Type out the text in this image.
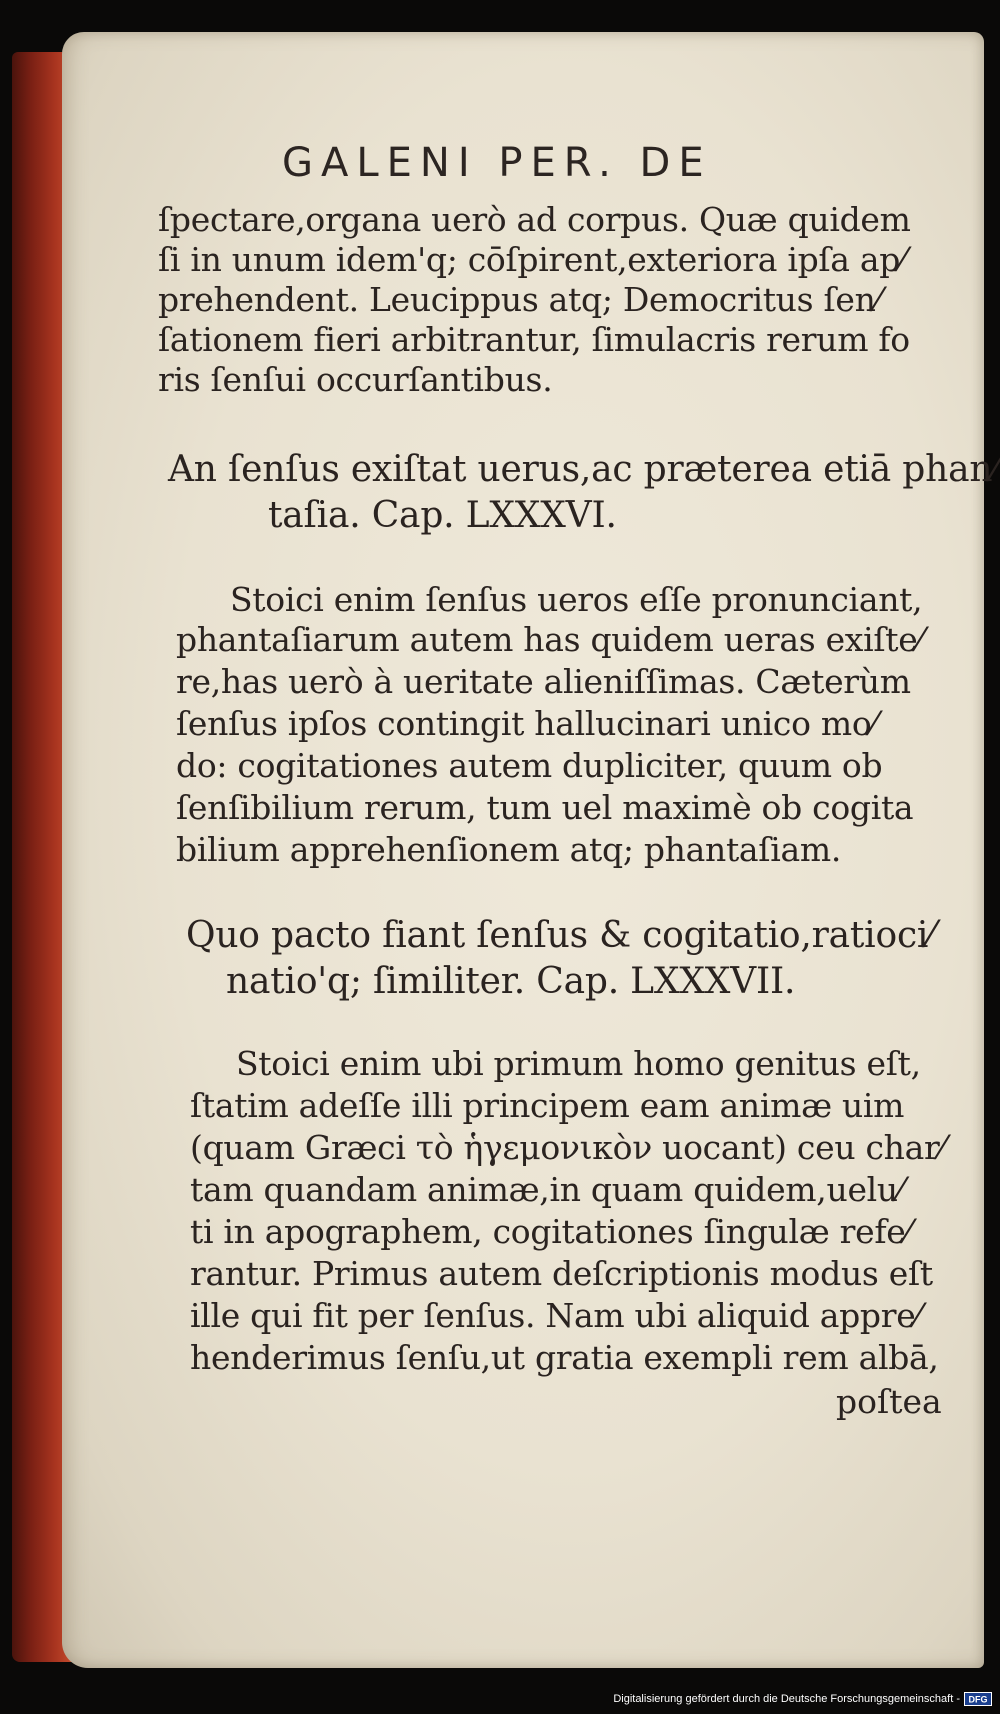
GALENI PER. DE
ſpectare,organa uerò ad corpus. Quæ quidem
ſi in unum idem'q; cōſpirent,exteriora ipſa ap⁄
prehendent. Leucippus atq; Democritus ſen⁄
ſationem fieri arbitrantur, ſimulacris rerum fo
ris ſenſui occurſantibus.
An ſenſus exiſtat uerus,ac præterea etiā phan⁄
taſia. Cap. LXXXVI.
Stoici enim ſenſus ueros eſſe pronunciant,
phantaſiarum autem has quidem ueras exiſte⁄
re,has uerò à ueritate alieniſſimas. Cæterùm
ſenſus ipſos contingit hallucinari unico mo⁄
do: cogitationes autem dupliciter, quum ob
ſenſibilium rerum, tum uel maximè ob cogita
bilium apprehenſionem atq; phantaſiam.
Quo pacto fiant ſenſus & cogitatio,ratioci⁄
natio'q; ſimiliter. Cap. LXXXVII.
Stoici enim ubi primum homo genitus eſt,
ſtatim adeſſe illi principem eam animæ uim
(quam Græci τὸ ἡγεμονικὸν uocant) ceu char⁄
tam quandam animæ,in quam quidem,uelu⁄
ti in apographem, cogitationes ſingulæ refe⁄
rantur. Primus autem deſcriptionis modus eſt
ille qui fit per ſenſus. Nam ubi aliquid appre⁄
henderimus ſenſu,ut gratia exempli rem albā,
poſtea
Digitalisierung gefördert durch die Deutsche Forschungsgemeinschaft - DFG
